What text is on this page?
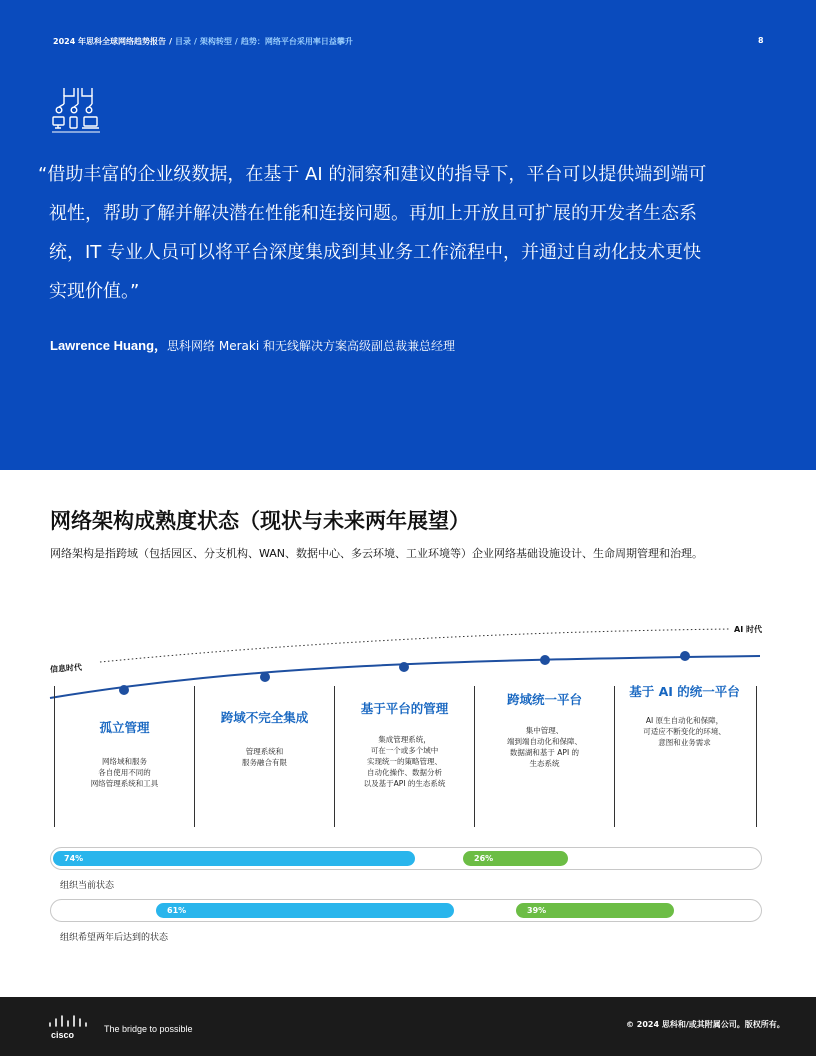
2024 年思科全球网络趋势报告 / 目录 / 架构转型 / 趋势：网络平台采用率日益攀升	8
“借助丰富的企业级数据，在基于 AI 的洞察和建议的指导下，平台可以提供端到端可
视性，帮助了解并解决潜在性能和连接问题。再加上开放且可扩展的开发者生态系
统，IT 专业人员可以将平台深度集成到其业务工作流程中，并通过自动化技术更快
实现价值。”
Lawrence Huang，思科网络 Meraki 和无线解决方案高级副总裁兼总经理
网络架构成熟度状态（现状与未来两年展望）

网络架构是指跨域（包括园区、分支机构、WAN、数据中心、多云环境、工业环境等）企业网络基础设施设计、生命周期管理和治理。

AI 时代
信息时代
孤立管理
网络域和服务
各自使用不同的
网络管理系统和工具
跨域不完全集成
管理系统和
服务融合有限
基于平台的管理
集成管理系统，
可在一个或多个域中
实现统一的策略管理、
自动化操作、数据分析
以及基于API 的生态系统
跨域统一平台
集中管理、
端到端自动化和保障、
数据湖和基于 API 的
生态系统
基于 AI 的统一平台
AI 原生自动化和保障，
可适应不断变化的环境、
意图和业务需求
74%	26%
组织当前状态
61%	39%
组织希望两年后达到的状态
cisco
The bridge to possible	© 2024 思科和/或其附属公司。版权所有。
